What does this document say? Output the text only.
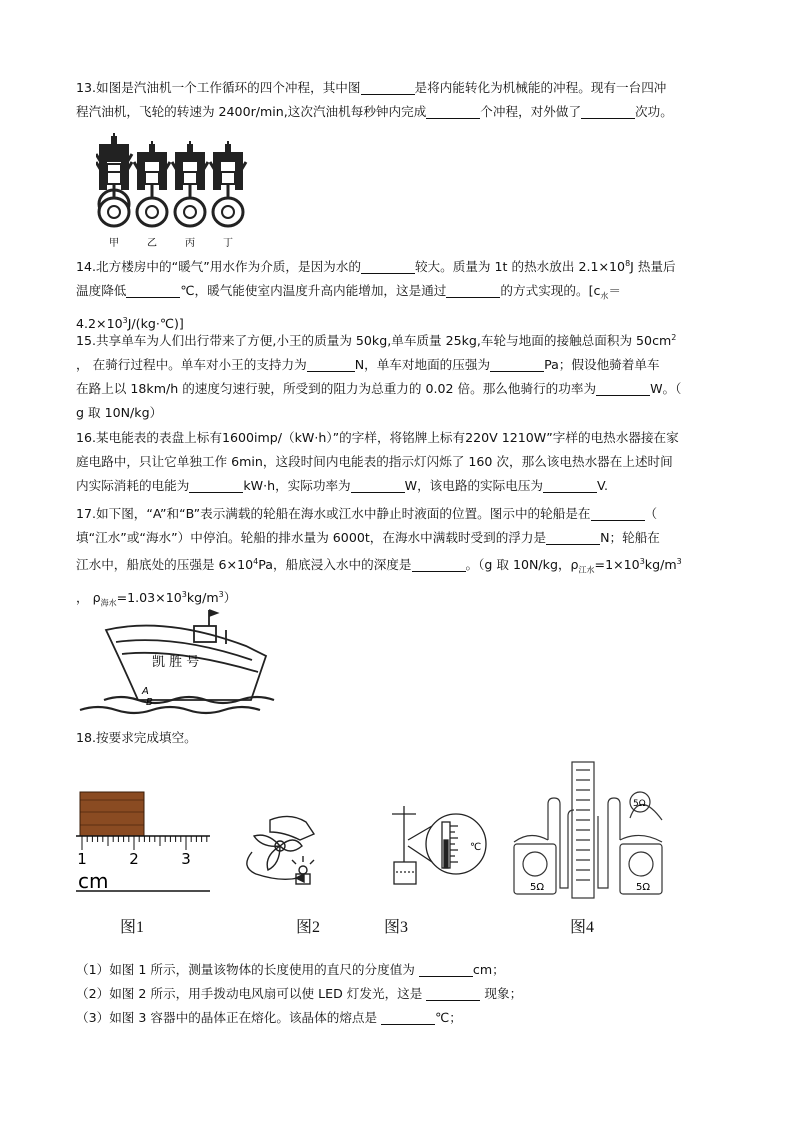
13.如图是汽油机一个工作循环的四个冲程，其中图	是将内能转化为机械能的冲程。现有一台四冲
程汽油机，飞轮的转速为 2400r/min,这次汽油机每秒钟内完成	个冲程，对外做了	次功。
甲	乙	丙	丁
14.北方楼房中的“暖气”用水作为介质，是因为水的	较大。质量为 1t 的热水放出 $2.1\times 10^8J$ 热量后
温度降低	℃，暖气能使室内温度升高内能增加，这是通过	的方式实现的。[$c_水=$
$4.2\times 10^3J/(kg\cdot℃)$]
15.共享单车为人们出行带来了方便,小王的质量为 50kg,单车质量 25kg,车轮与地面的接触总面积为 $50cm^2$
， 在骑行过程中。单车对小王的支持力为	N，单车对地面的压强为	Pa；假设他骑着单车
在路上以 18km/h 的速度匀速行驶，所受到的阻力为总重力的 0.02 倍。那么他骑行的功率为	W。（
g 取 10N/kg）
16.某电能表的表盘上标有1600imp/（kW·h）”的字样，将铭牌上标有220V 1210W”字样的电热水器接在家
庭电路中，只让它单独工作 6min，这段时间内电能表的指示灯闪烁了 160 次，那么该电热水器在上述时间
内实际消耗的电能为	kW·h，实际功率为	W，该电路的实际电压为	V.
17.如下图，“A”和“B”表示满载的轮船在海水或江水中静止时液面的位置。图示中的轮船是在	（
填“江水”或“海水”）中停泊。轮船的排水量为 6000t，在海水中满载时受到的浮力是	N；轮船在
江水中，船底处的压强是 $6\times 10^4Pa$，船底浸入水中的深度是	。（g 取 10N/kg，$\rho_{江水}=1\times 10^3kg/m^3$
， $\rho_{海水}=1.03\times 10^3kg/m^3$）
凯 胜 号
A
B
18.按要求完成填空。
1	2	3
cm
℃
5Ω	5Ω
5Ω
图1	图2	图3	图4
（1）如图 1 所示，测量该物体的长度使用的直尺的分度值为	cm；
（2）如图 2 所示，用手拨动电风扇可以使 LED 灯发光，这是	现象；
（3）如图 3 容器中的晶体正在熔化。该晶体的熔点是	℃；
